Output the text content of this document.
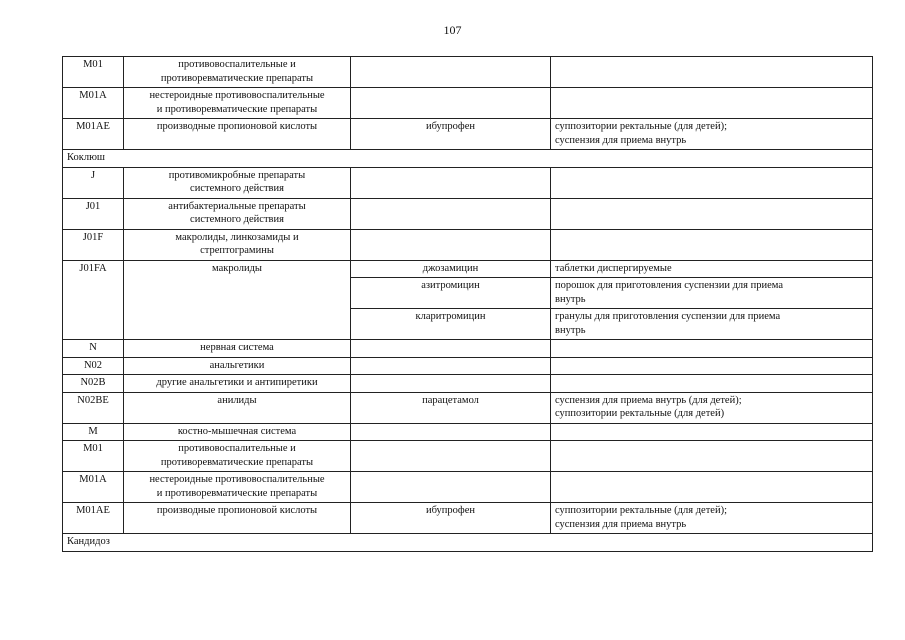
107
M01	противовоспалительные и
противоревматические препараты		

M01A	нестероидные противовоспалительные
и противоревматические препараты		

M01AE	производные пропионовой кислоты	ибупрофен	суппозитории ректальные (для детей);
суспензия для приема внутрь

Коклюш			

J	противомикробные препараты
системного действия		

J01	антибактериальные препараты
системного действия		

J01F	макролиды, линкозамиды и
стрептограмины		

J01FA	макролиды	джозамицин	таблетки диспергируемые

		азитромицин	порошок для приготовления суспензии для приема
внутрь

		кларитромицин	гранулы для приготовления суспензии для приема
внутрь

N	нервная система		

N02	анальгетики		

N02B	другие анальгетики и антипиретики		

N02BE	анилиды	парацетамол	суспензия для приема внутрь (для детей);
суппозитории ректальные (для детей)

M	костно-мышечная система		

M01	противовоспалительные и
противоревматические препараты		

M01A	нестероидные противовоспалительные
и противоревматические препараты		

M01AE	производные пропионовой кислоты	ибупрофен	суппозитории ректальные (для детей);
суспензия для приема внутрь

Кандидоз			
